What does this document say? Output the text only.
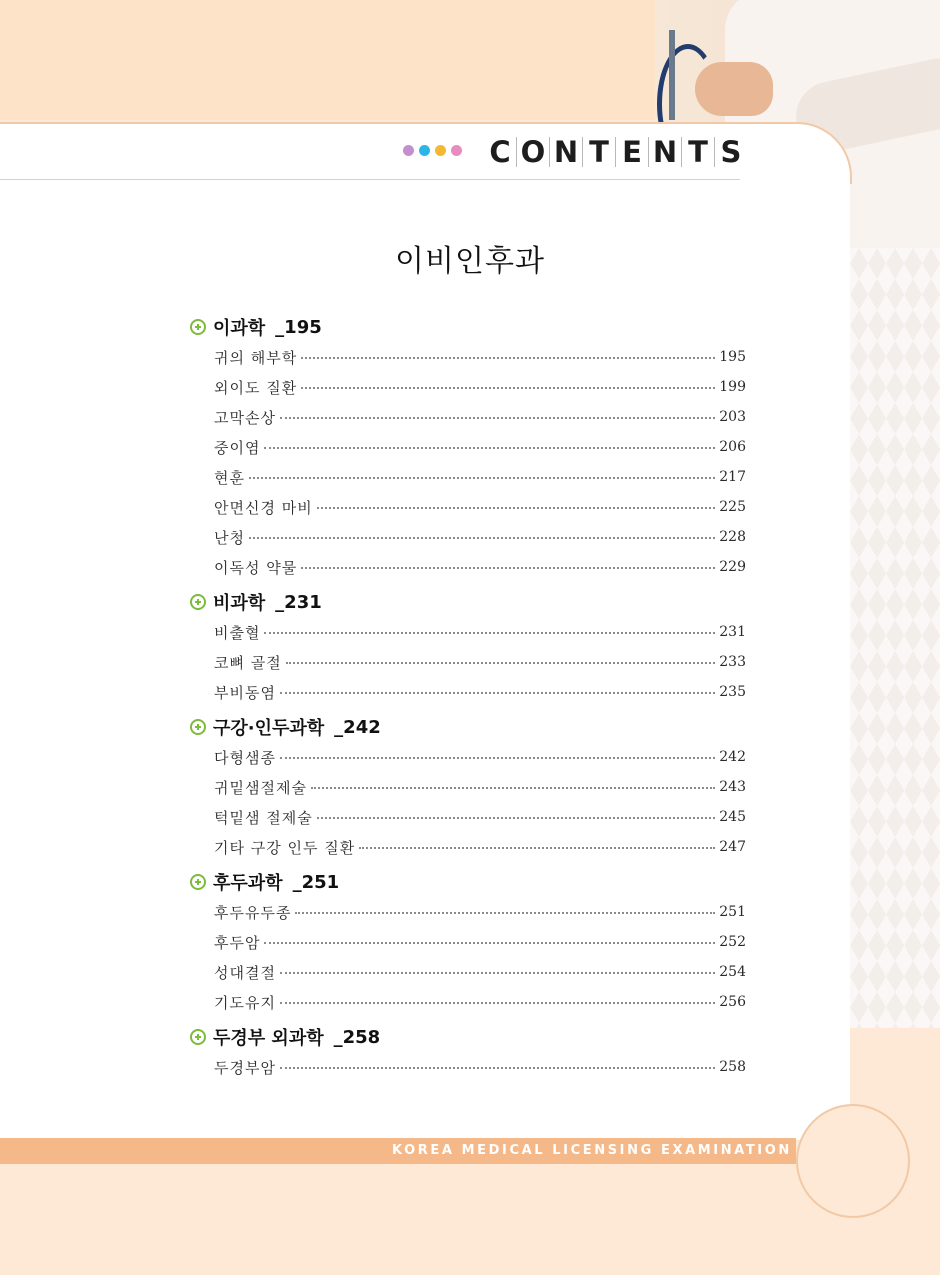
C O N T E N T S
이비인후과
이과학 _195
귀의 해부학	195
외이도 질환	199
고막손상	203
중이염	206
현훈	217
안면신경 마비	225
난청	228
이독성 약물	229
비과학 _231
비출혈	231
코뼈 골절	233
부비동염	235
구강·인두과학 _242
다형샘종	242
귀밑샘절제술	243
턱밑샘 절제술	245
기타 구강 인두 질환	247
후두과학 _251
후두유두종	251
후두암	252
성대결절	254
기도유지	256
두경부 외과학 _258
두경부암	258
KOREA MEDICAL LICENSING EXAMINATION
